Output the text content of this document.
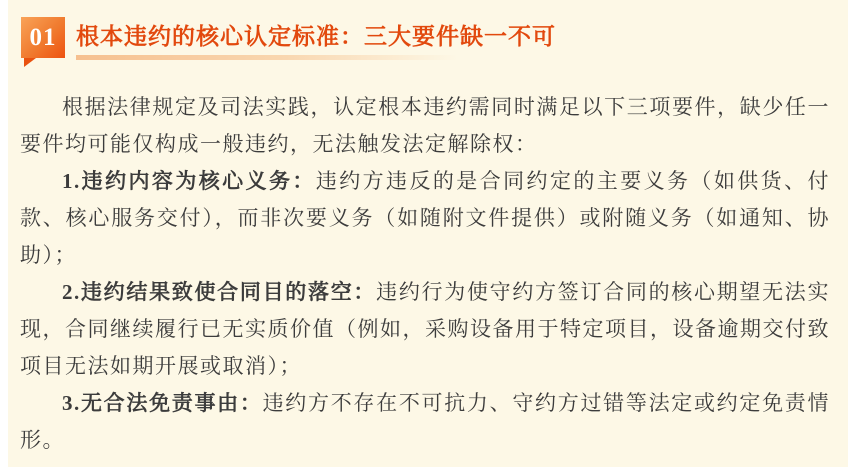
01 根本违约的核心认定标准：三大要件缺一不可

根据法律规定及司法实践，认定根本违约需同时满足以下三项要件，缺少任一要件均可能仅构成一般违约，无法触发法定解除权：

1.违约内容为核心义务：违约方违反的是合同约定的主要义务（如供货、付款、核心服务交付），而非次要义务（如随附文件提供）或附随义务（如通知、协助）；

2.违约结果致使合同目的落空：违约行为使守约方签订合同的核心期望无法实现，合同继续履行已无实质价值（例如，采购设备用于特定项目，设备逾期交付致项目无法如期开展或取消）；

3.无合法免责事由：违约方不存在不可抗力、守约方过错等法定或约定免责情形。
